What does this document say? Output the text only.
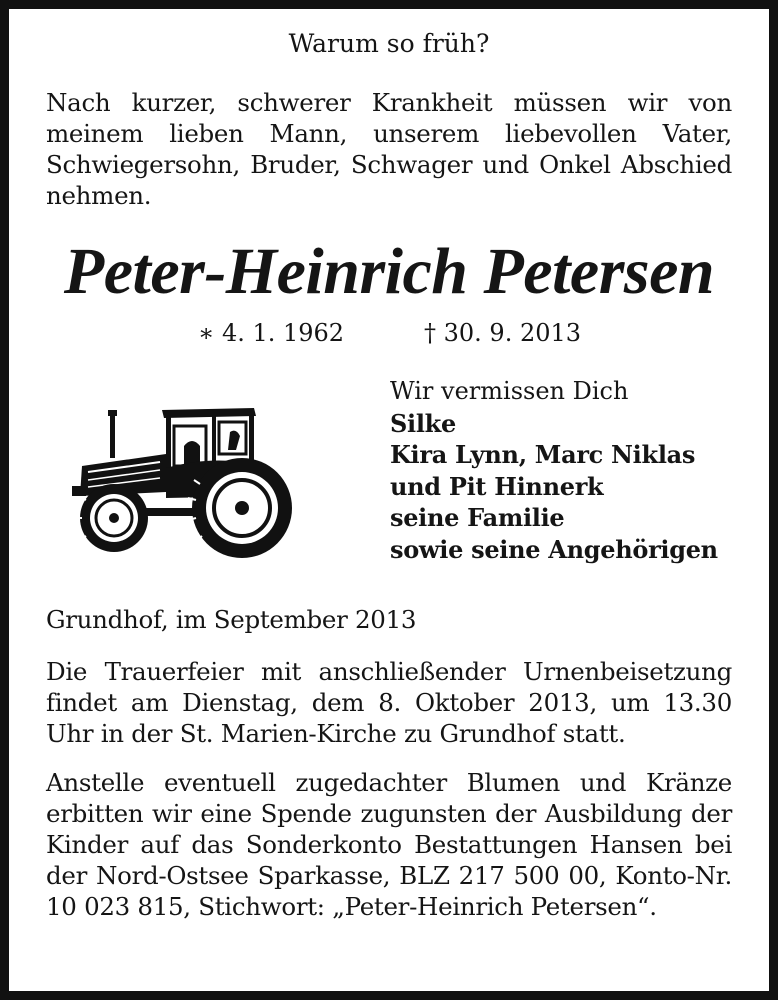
Warum so früh?
Nach kurzer, schwerer Krankheit müssen wir von meinem lieben Mann, unserem liebevollen Vater, Schwiegersohn, Bruder, Schwager und Onkel Abschied nehmen.
Peter-Heinrich Petersen
∗ 4. 1. 1962	† 30. 9. 2013
Wir vermissen Dich
Silke
Kira Lynn, Marc Niklas
und Pit Hinnerk
seine Familie
sowie seine Angehörigen
Grundhof, im September 2013
Die Trauerfeier mit anschließender Urnenbeisetzung findet am Dienstag, dem 8. Oktober 2013, um 13.30 Uhr in der St. Marien-Kirche zu Grundhof statt.
Anstelle eventuell zugedachter Blumen und Kränze erbitten wir eine Spende zugunsten der Ausbildung der Kinder auf das Sonderkonto Bestattungen Hansen bei der Nord-Ostsee Sparkasse, BLZ 217 500 00, Konto-Nr. 10 023 815, Stichwort: „Peter-Heinrich Petersen“.
